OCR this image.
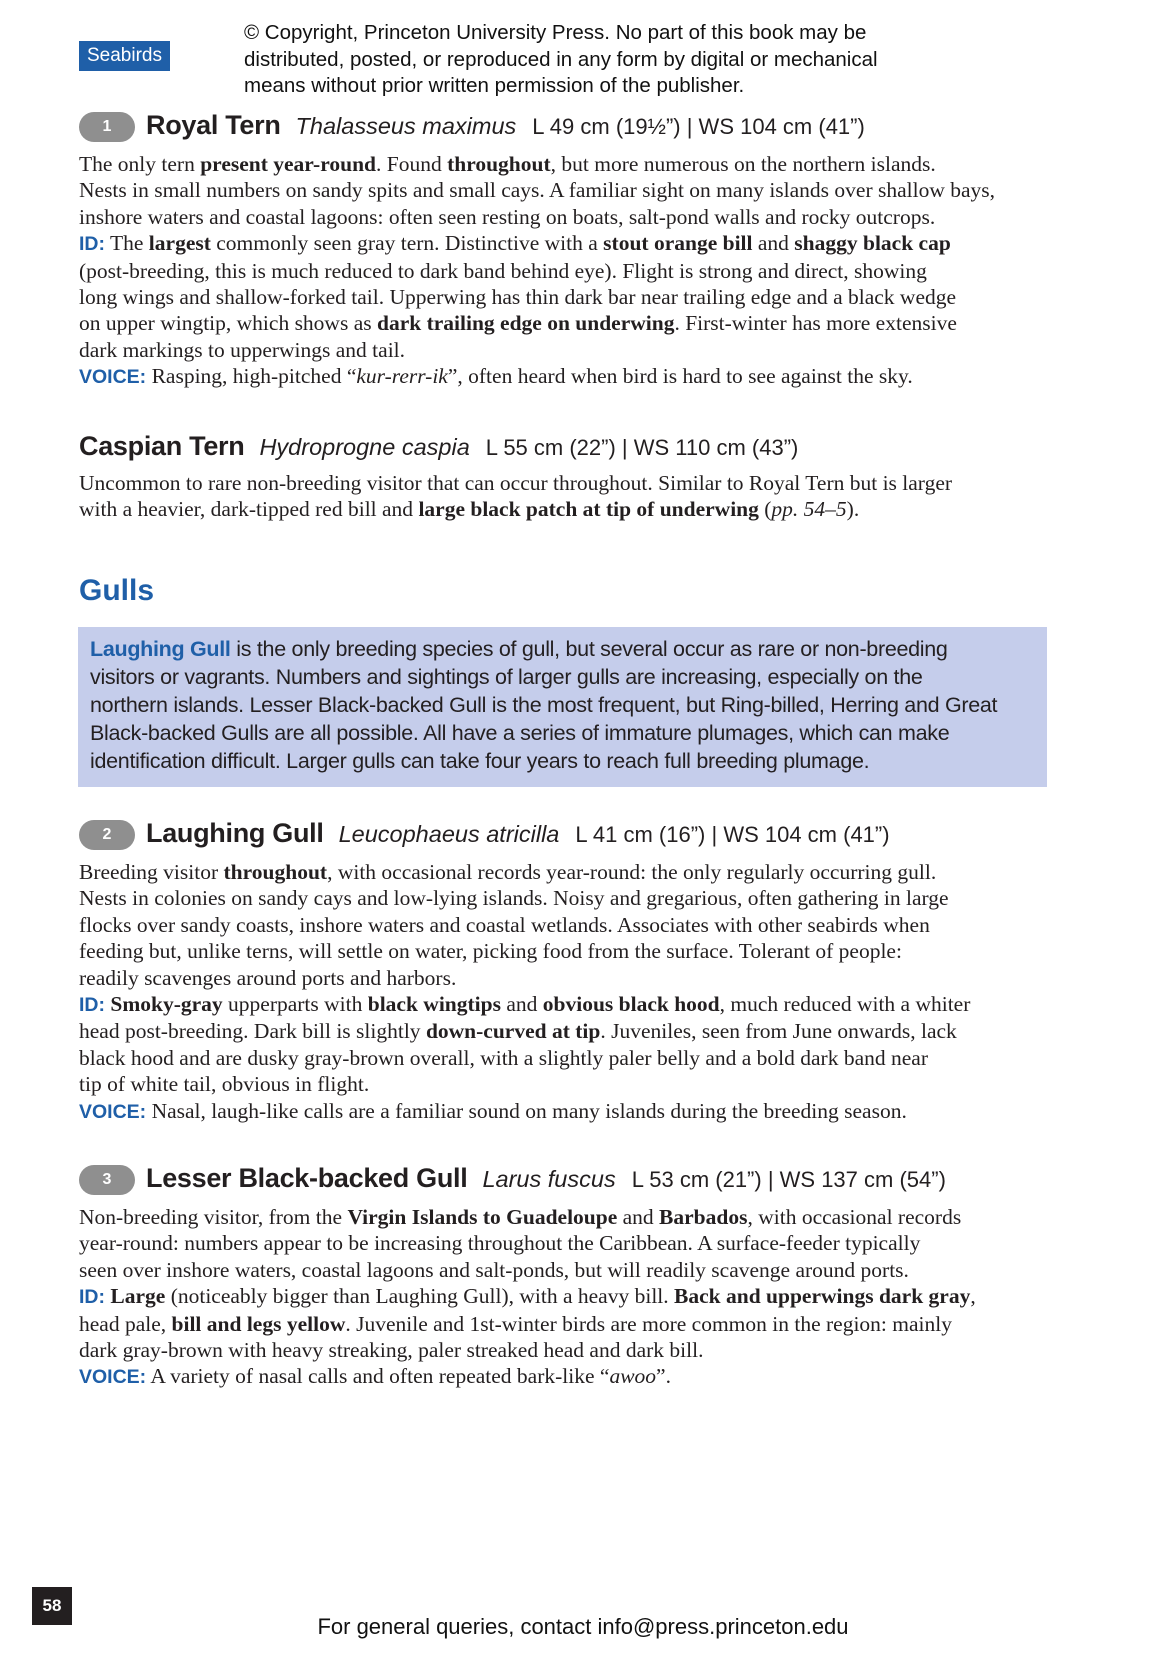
Seabirds
© Copyright, Princeton University Press. No part of this book may be
distributed, posted, or reproduced in any form by digital or mechanical
means without prior written permission of the publisher.
1	Royal Tern Thalasseus maximus L 49 cm (19½”) | WS 104 cm (41”)

The only tern present year-round. Found throughout, but more numerous on the northern islands.

Nests in small numbers on sandy spits and small cays. A familiar sight on many islands over shallow bays,

inshore waters and coastal lagoons: often seen resting on boats, salt-pond walls and rocky outcrops.

ID: The largest commonly seen gray tern. Distinctive with a stout orange bill and shaggy black cap

(post-breeding, this is much reduced to dark band behind eye). Flight is strong and direct, showing

long wings and shallow-forked tail. Upperwing has thin dark bar near trailing edge and a black wedge

on upper wingtip, which shows as dark trailing edge on underwing. First-winter has more extensive

dark markings to upperwings and tail.

VOICE: Rasping, high-pitched “kur-rerr-ik”, often heard when bird is hard to see against the sky.

Caspian Tern Hydroprogne caspia L 55 cm (22”) | WS 110 cm (43”)

Uncommon to rare non-breeding visitor that can occur throughout. Similar to Royal Tern but is larger

with a heavier, dark-tipped red bill and large black patch at tip of underwing (pp. 54–5).

Gulls
Laughing Gull is the only breeding species of gull, but several occur as rare or non-breeding
visitors or vagrants. Numbers and sightings of larger gulls are increasing, especially on the
northern islands. Lesser Black-backed Gull is the most frequent, but Ring-billed, Herring and Great
Black-backed Gulls are all possible. All have a series of immature plumages, which can make
identification difficult. Larger gulls can take four years to reach full breeding plumage.
2	Laughing Gull Leucophaeus atricilla L 41 cm (16”) | WS 104 cm (41”)

Breeding visitor throughout, with occasional records year-round: the only regularly occurring gull.

Nests in colonies on sandy cays and low-lying islands. Noisy and gregarious, often gathering in large

flocks over sandy coasts, inshore waters and coastal wetlands. Associates with other seabirds when

feeding but, unlike terns, will settle on water, picking food from the surface. Tolerant of people:

readily scavenges around ports and harbors.

ID: Smoky-gray upperparts with black wingtips and obvious black hood, much reduced with a whiter

head post-breeding. Dark bill is slightly down-curved at tip. Juveniles, seen from June onwards, lack

black hood and are dusky gray-brown overall, with a slightly paler belly and a bold dark band near

tip of white tail, obvious in flight.

VOICE: Nasal, laugh-like calls are a familiar sound on many islands during the breeding season.

3	Lesser Black-backed Gull Larus fuscus L 53 cm (21”) | WS 137 cm (54”)

Non-breeding visitor, from the Virgin Islands to Guadeloupe and Barbados, with occasional records

year-round: numbers appear to be increasing throughout the Caribbean. A surface-feeder typically

seen over inshore waters, coastal lagoons and salt-ponds, but will readily scavenge around ports.

ID: Large (noticeably bigger than Laughing Gull), with a heavy bill. Back and upperwings dark gray,

head pale, bill and legs yellow. Juvenile and 1st-winter birds are more common in the region: mainly

dark gray-brown with heavy streaking, paler streaked head and dark bill.

VOICE: A variety of nasal calls and often repeated bark-like “awoo”.

58
For general queries, contact info@press.princeton.edu
